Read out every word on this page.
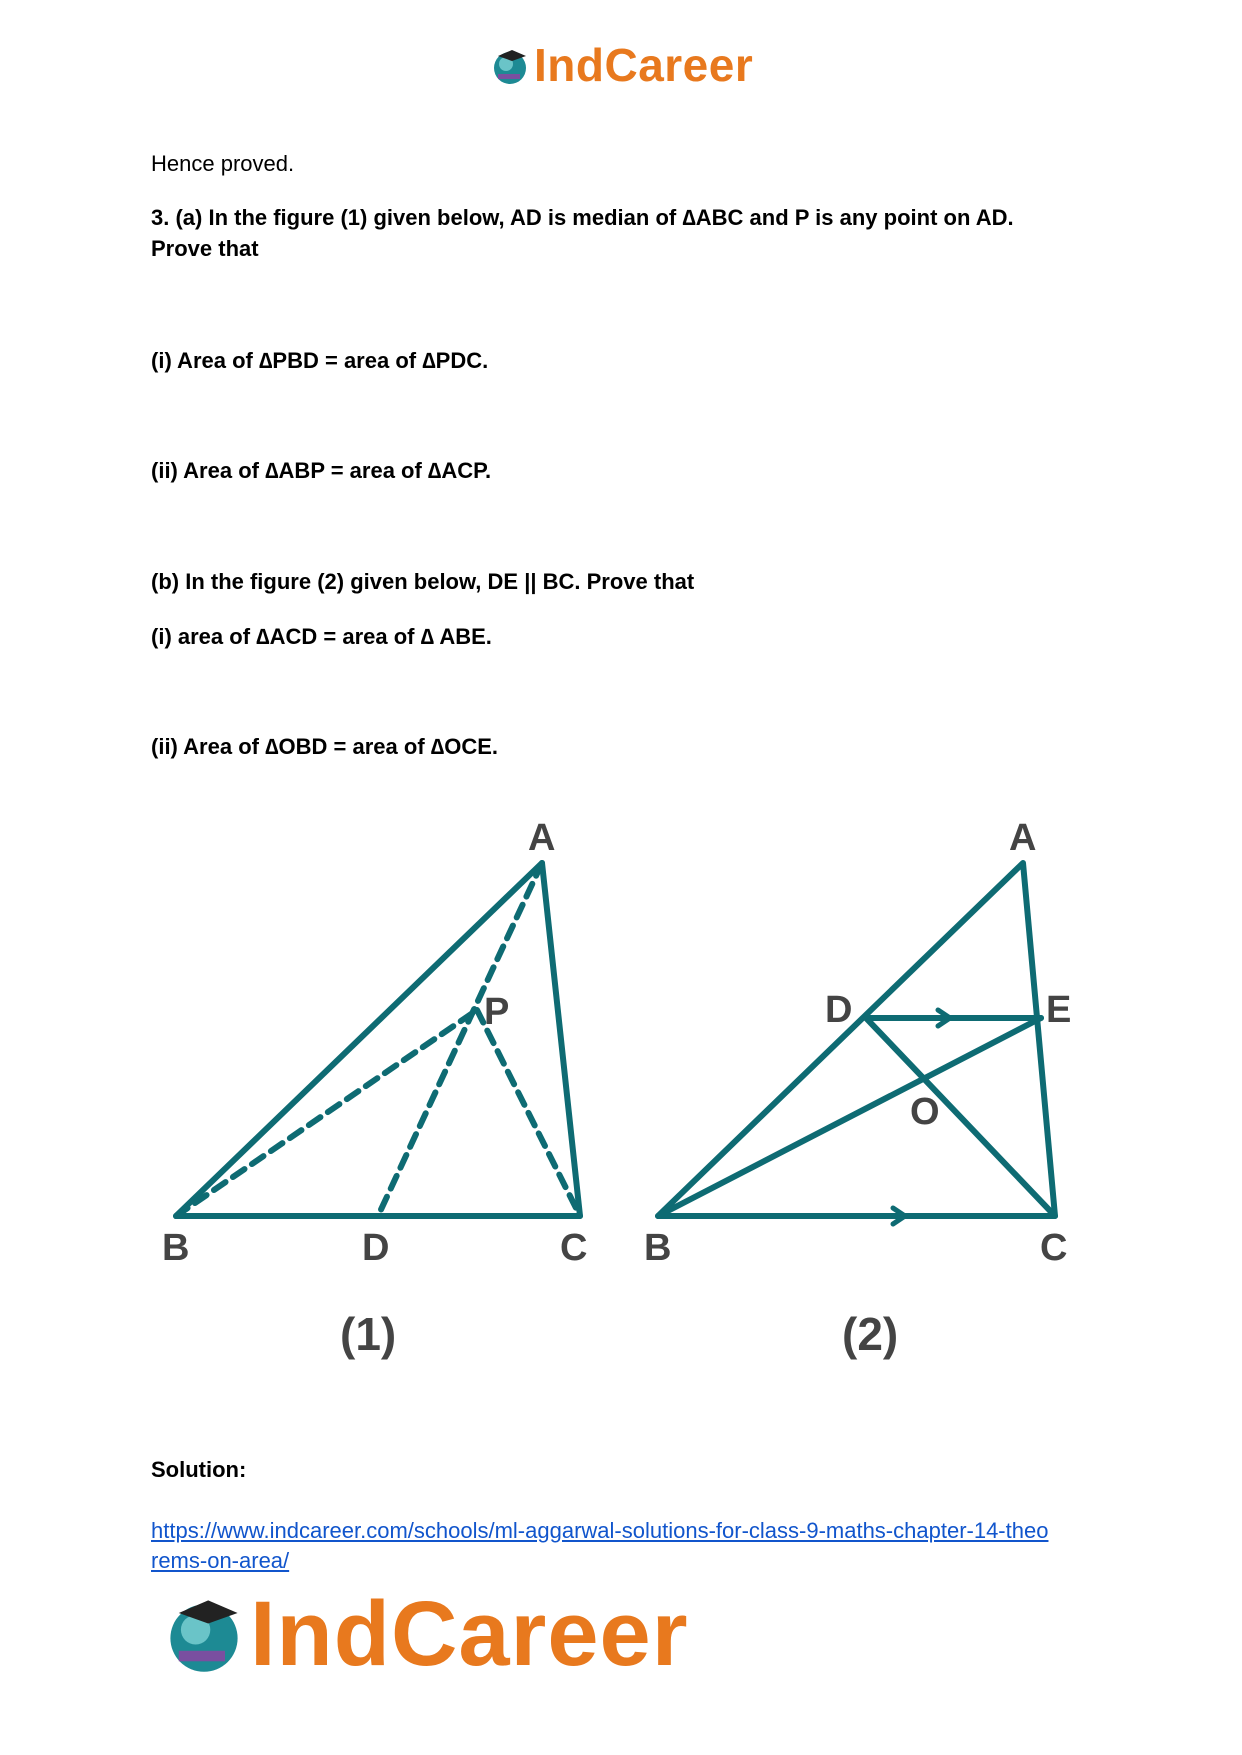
IndCareer
Hence proved.
3. (a) In the figure (1) given below, AD is median of ∆ABC and P is any point on AD.
Prove that
(i) Area of ∆PBD = area of ∆PDC.
(ii) Area of ∆ABP = area of ∆ACP.
(b) In the figure (2) given below, DE || BC. Prove that
(i) area of ∆ACD = area of ∆ ABE.
(ii) Area of ∆OBD = area of ∆OCE.
A
B	D	C
P
A
D	E
O
B	C
(1)	(2)
Solution:
https://www.indcareer.com/schools/ml-aggarwal-solutions-for-class-9-maths-chapter-14-theo
rems-on-area/
IndCareer
